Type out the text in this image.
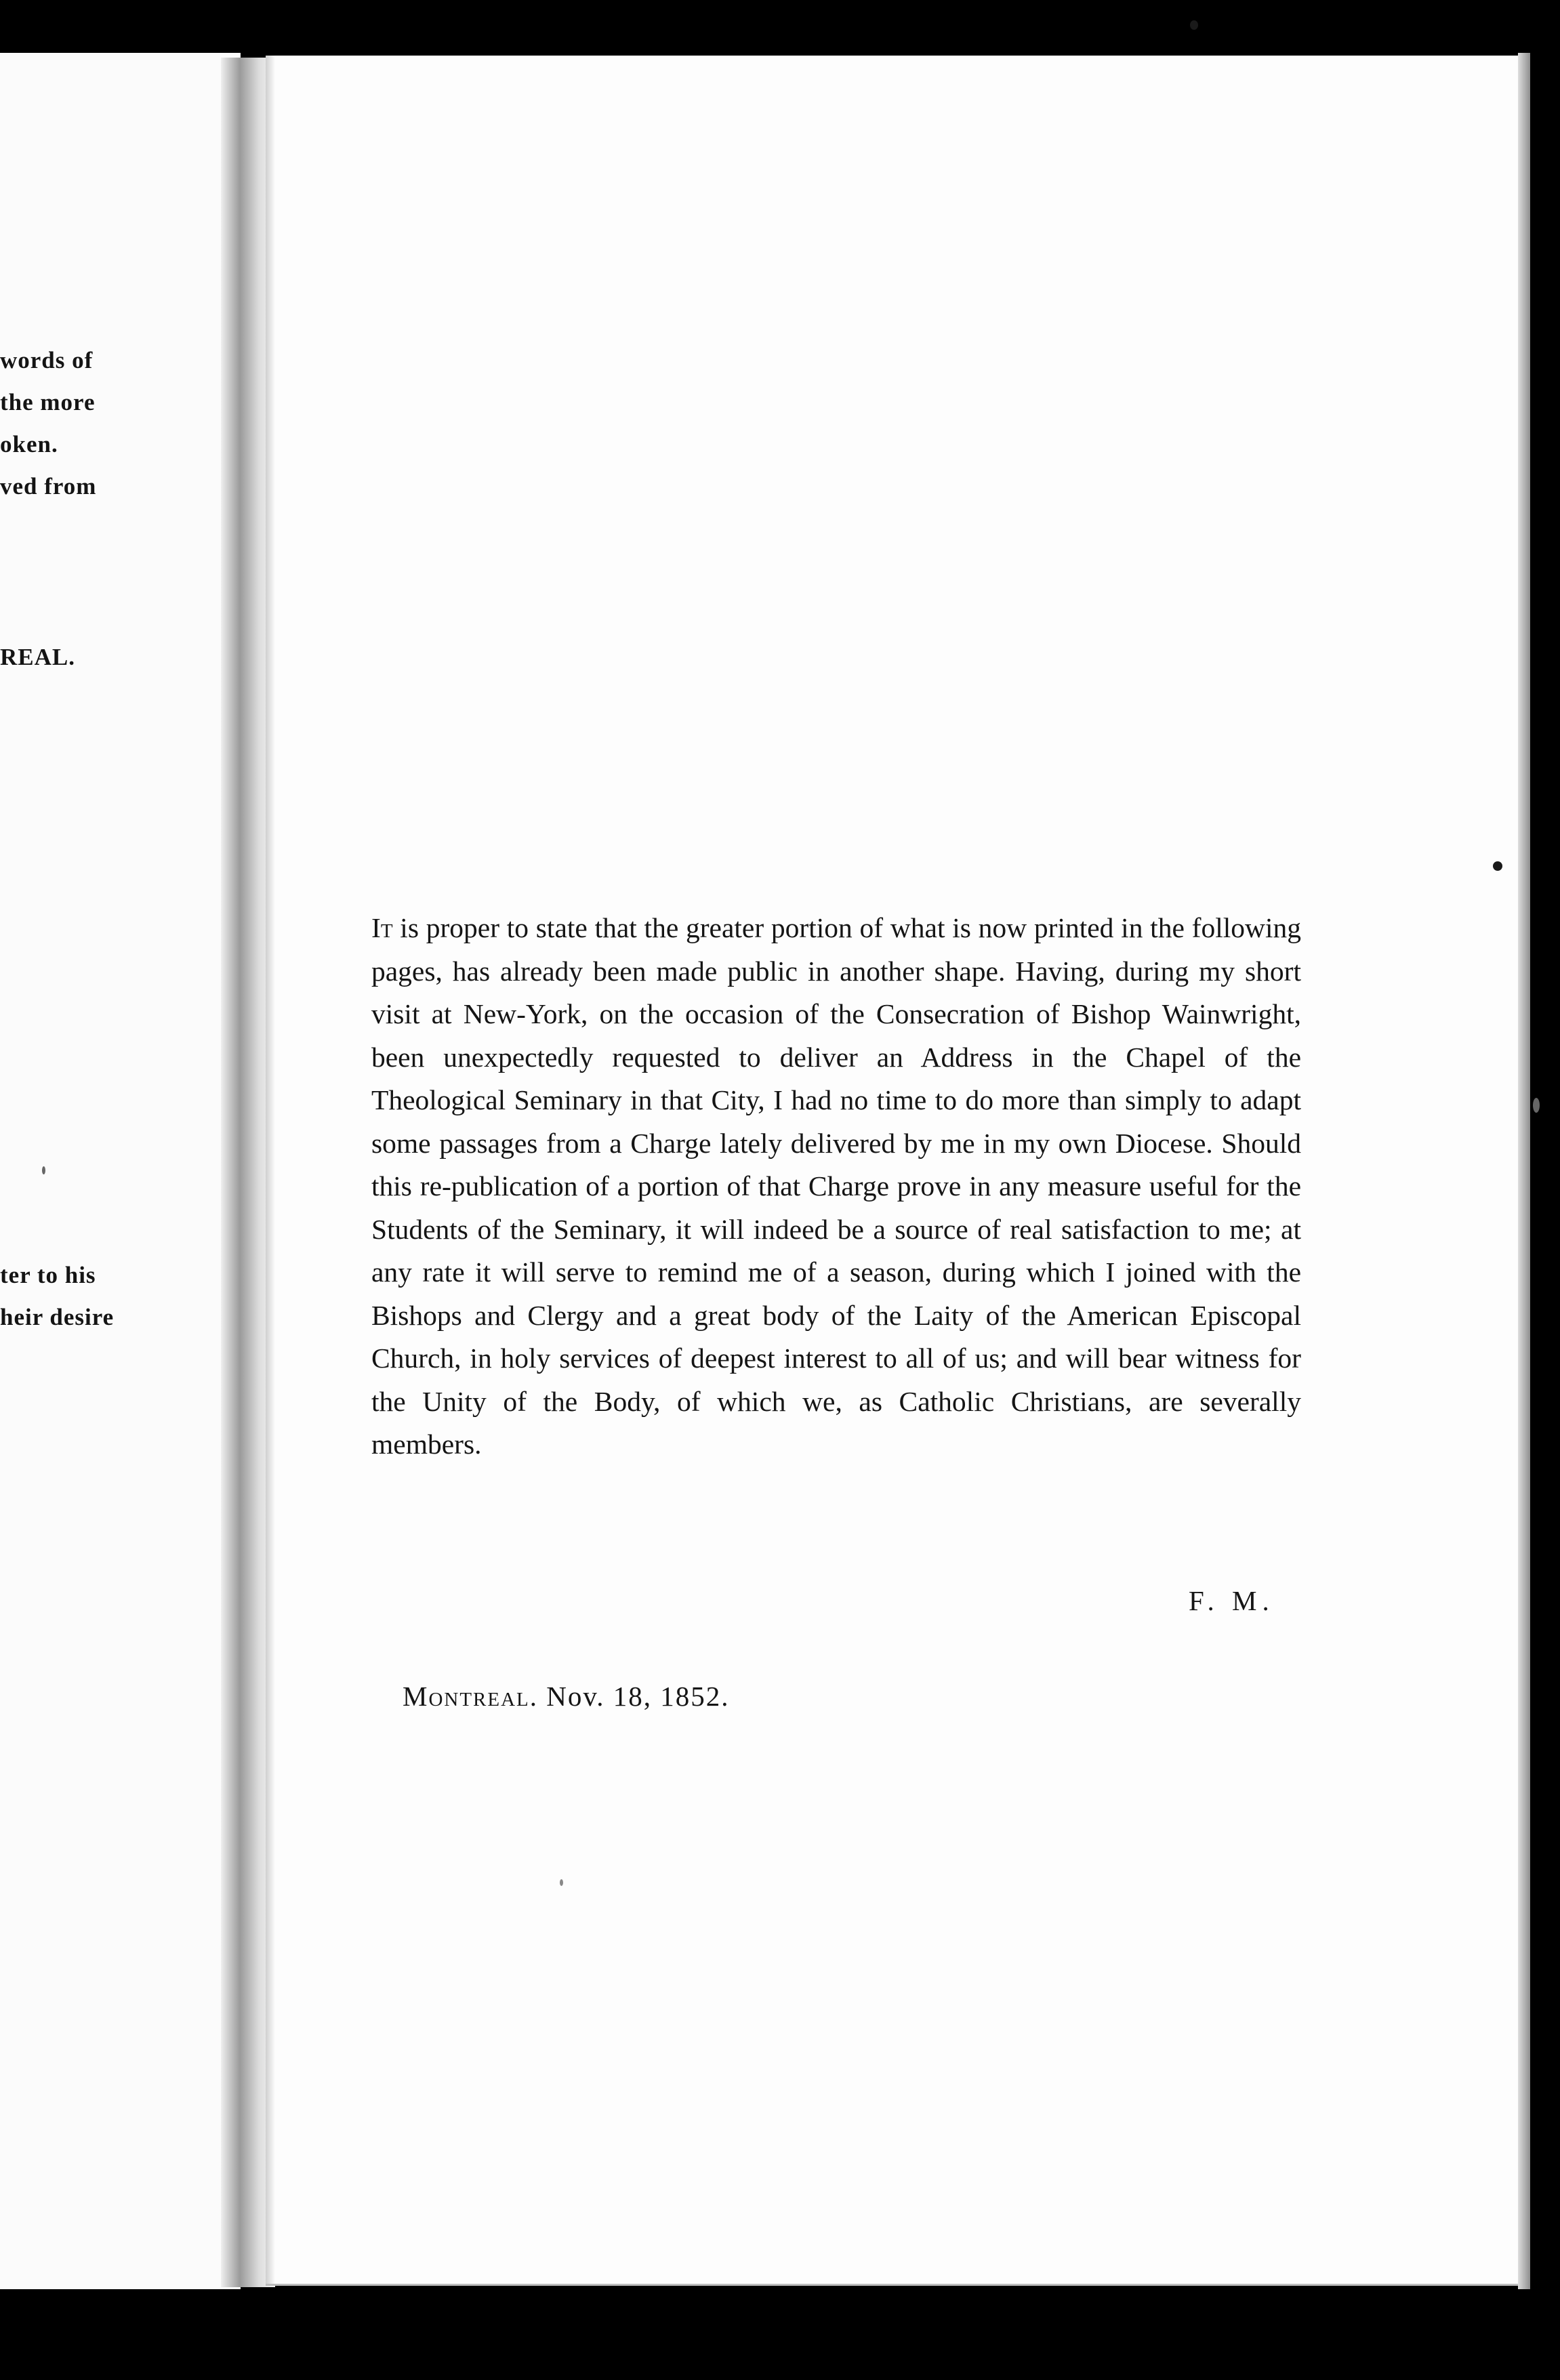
words of
the more
oken.
ved from
REAL.
ter to his
heir desire
It is proper to state that the greater portion of what is now printed in the following pages, has already been made public in another shape. Having, during my short visit at New-York, on the occasion of the Consecration of Bishop Wainwright, been unexpectedly requested to deliver an Address in the Chapel of the Theological Seminary in that City, I had no time to do more than simply to adapt some passages from a Charge lately delivered by me in my own Diocese. Should this re-publication of a portion of that Charge prove in any measure useful for the Students of the Seminary, it will indeed be a source of real satisfaction to me; at any rate it will serve to remind me of a season, during which I joined with the Bishops and Clergy and a great body of the Laity of the American Episcopal Church, in holy services of deepest interest to all of us; and will bear witness for the Unity of the Body, of which we, as Catholic Christians, are severally members.
F. M.
Montreal. Nov. 18, 1852.
